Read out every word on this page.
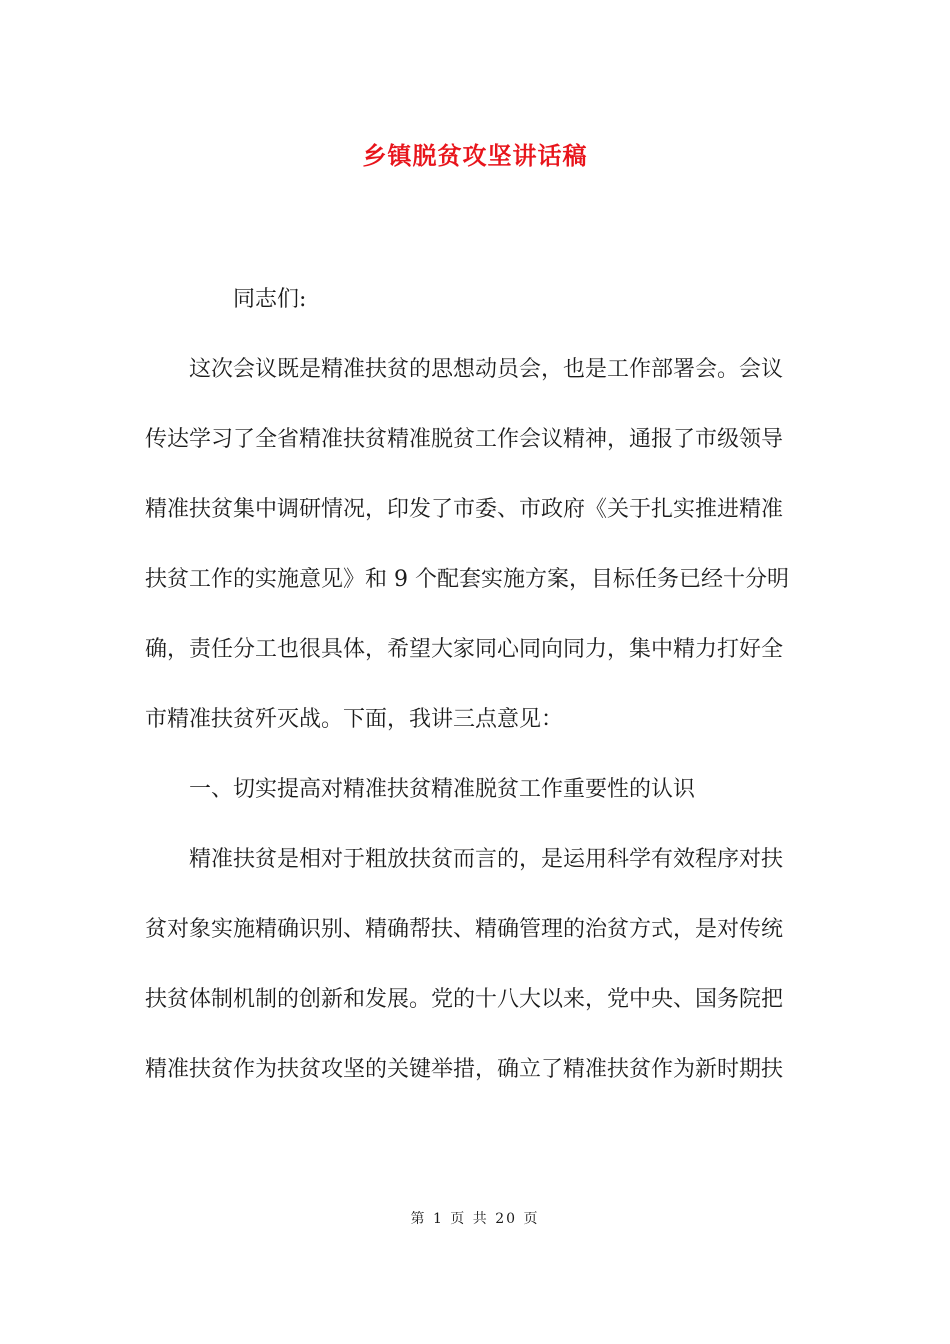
乡镇脱贫攻坚讲话稿
同志们:
这次会议既是精准扶贫的思想动员会，也是工作部署会。会议
传达学习了全省精准扶贫精准脱贫工作会议精神，通报了市级领导
精准扶贫集中调研情况，印发了市委、市政府《关于扎实推进精准
扶贫工作的实施意见》和 9 个配套实施方案，目标任务已经十分明
确，责任分工也很具体，希望大家同心同向同力，集中精力打好全
市精准扶贫歼灭战。下面，我讲三点意见：
一、切实提高对精准扶贫精准脱贫工作重要性的认识
精准扶贫是相对于粗放扶贫而言的，是运用科学有效程序对扶
贫对象实施精确识别、精确帮扶、精确管理的治贫方式，是对传统
扶贫体制机制的创新和发展。党的十八大以来，党中央、国务院把
精准扶贫作为扶贫攻坚的关键举措，确立了精准扶贫作为新时期扶
第 1 页 共 20 页
